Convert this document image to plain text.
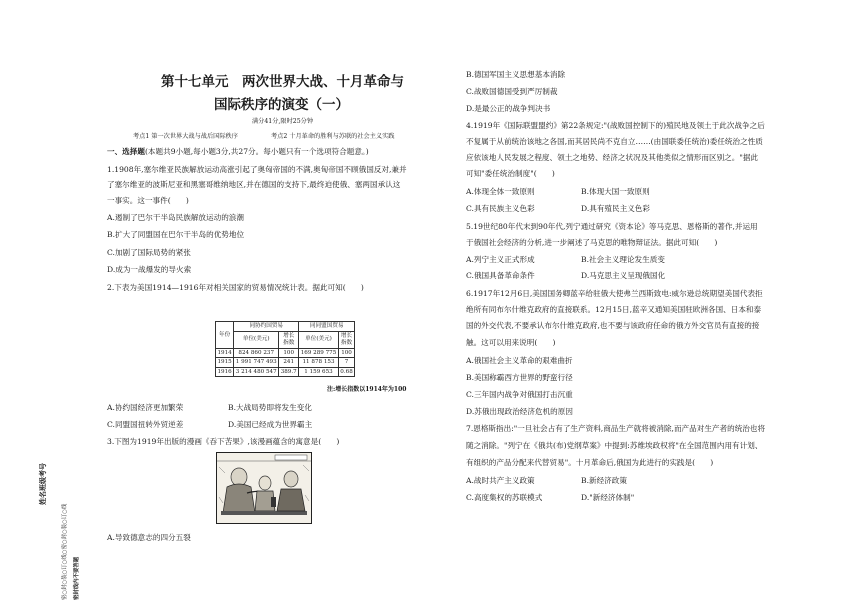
姓名班级考号
密○封○装○订○线○密○封○装○订○线	密封线内不要答题
第十七单元　两次世界大战、十月革命与
国际秩序的演变（一）
满分41分,限时25分钟
考点1 第一次世界大战与战后国际秩序	考点2 十月革命的胜利与苏联的社会主义实践
一、选择题(本题共9小题,每小题3分,共27分。每小题只有一个选项符合题意。)
1.1908年,塞尔维亚民族解放运动高涨引起了奥匈帝国的不满,奥匈帝国不顾俄国反对,兼并
了塞尔维亚的波斯尼亚和黑塞哥维纳地区,并在德国的支持下,最终迫使俄、塞两国承认这
一事实。这一事件(　　)
A.遏制了巴尔干半岛民族解放运动的浪潮
B.扩大了同盟国在巴尔干半岛的优势地位
C.加剧了国际局势的紧张
D.成为一战爆发的导火索
2.下表为美国1914—1916年对相关国家的贸易情况统计表。据此可知(　　)
年份	同协约国贸易		同同盟国贸易	
	单位(美元)	增长指数	单位(美元)	增长指数
1914	824 860 237	100	169 289 775	100
1915	1 991 747 493	241	11 878 153	7
1916	3 214 480 547	389.7	1 159 653	0.68
注:增长指数以1914年为100
A.协约国经济更加繁荣	B.大战局势即将发生变化
C.同盟国扭转外贸逆差	D.美国已经成为世界霸主
3.下图为1919年出版的漫画《吞下苦果》,该漫画蕴含的寓意是(　　)
A.导致德意志的四分五裂
B.德国军国主义思想基本消除
C.战败国德国受到严厉制裁
D.是最公正的战争判决书
4.1919年《国际联盟盟约》第22条规定:"(战败国控制下的)殖民地及领土于此次战争之后
不复属于从前统治该地之各国,而其居民尚不克自立……(由国联委任统治)委任统治之性质
应依该地人民发展之程度、领土之地势、经济之状况及其他类似之情形而区别之。"据此
可知"委任统治制度"(　　)
A.体现全体一致原则	B.体现大国一致原则
C.具有民族主义色彩	D.具有殖民主义色彩
5.19世纪80年代末到90年代,列宁通过研究《资本论》等马克思、恩格斯的著作,并运用
于俄国社会经济的分析,进一步阐述了马克思的唯物辩证法。据此可知(　　)
A.列宁主义正式形成	B.社会主义理论发生质变
C.俄国具备革命条件	D.马克思主义呈现俄国化
6.1917年12月6日,美国国务卿蓝辛给驻俄大使弗兰西斯致电:威尔逊总统期望美国代表拒
绝所有同布尔什维克政府的直接联系。12月15日,蓝辛又通知美国驻欧洲各国、日本和泰
国的外交代表,不要承认布尔什维克政府,也不要与该政府任命的俄方外交官员有直接的接
触。这可以用来说明(　　)
A.俄国社会主义革命的艰难曲折
B.美国称霸西方世界的野蛮行径
C.三年国内战争对俄国打击沉重
D.苏俄出现政治经济危机的原因
7.恩格斯指出:"一旦社会占有了生产资料,商品生产就将被消除,而产品对生产者的统治也将
随之消除。"列宁在《俄共(布)党纲草案》中提到:苏维埃政权将"在全国范围内用有计划、
有组织的产品分配来代替贸易"。十月革命后,俄国为此进行的实践是(　　)
A.战时共产主义政策	B.新经济政策
C.高度集权的苏联模式	D."新经济体制"
